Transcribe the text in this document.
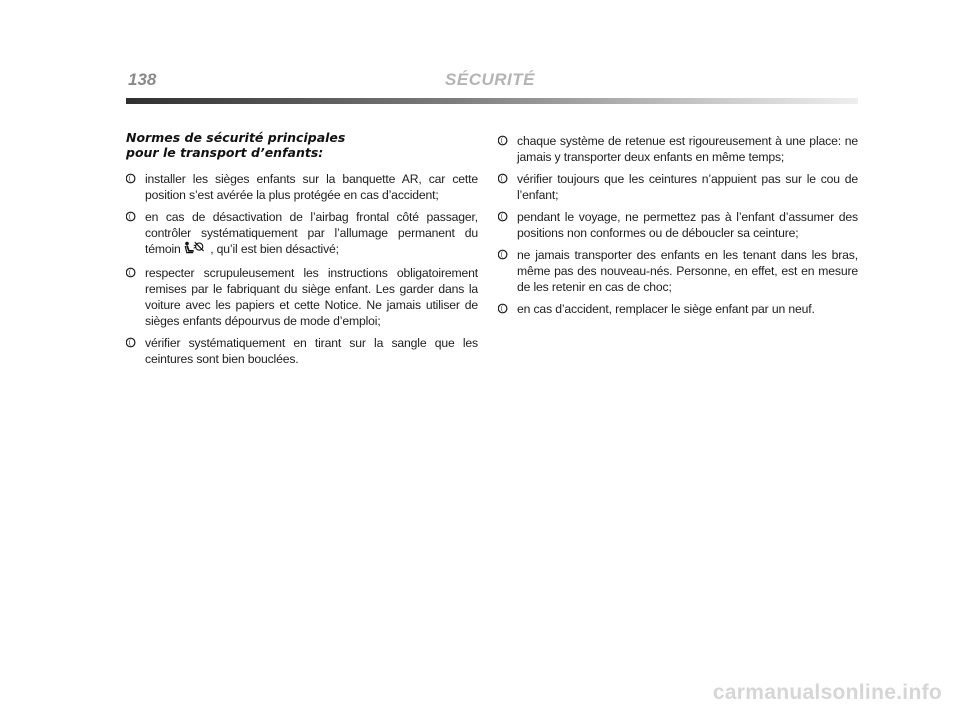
138	SÉCURITÉ
Normes de sécurité principales
pour le transport d’enfants:
installer les sièges enfants sur la banquette AR, car cette position s’est avérée la plus protégée en cas d’accident;
en cas de désactivation de l’airbag frontal côté passager, contrôler systématiquement par l’allumage permanent du témoin , qu’il est bien désactivé;
respecter scrupuleusement les instructions obligatoirement remises par le fabriquant du siège enfant. Les garder dans la voiture avec les papiers et cette Notice. Ne jamais utiliser de sièges enfants dépourvus de mode d’emploi;
vérifier systématiquement en tirant sur la sangle que les ceintures sont bien bouclées.
chaque système de retenue est rigoureusement à une place: ne jamais y transporter deux enfants en même temps;
vérifier toujours que les ceintures n’appuient pas sur le cou de l’enfant;
pendant le voyage, ne permettez pas à l’enfant d’assumer des positions non conformes ou de déboucler sa ceinture;
ne jamais transporter des enfants en les tenant dans les bras, même pas des nouveau-nés. Personne, en effet, est en mesure de les retenir en cas de choc;
en cas d’accident, remplacer le siège enfant par un neuf.
carmanualsonline.info
